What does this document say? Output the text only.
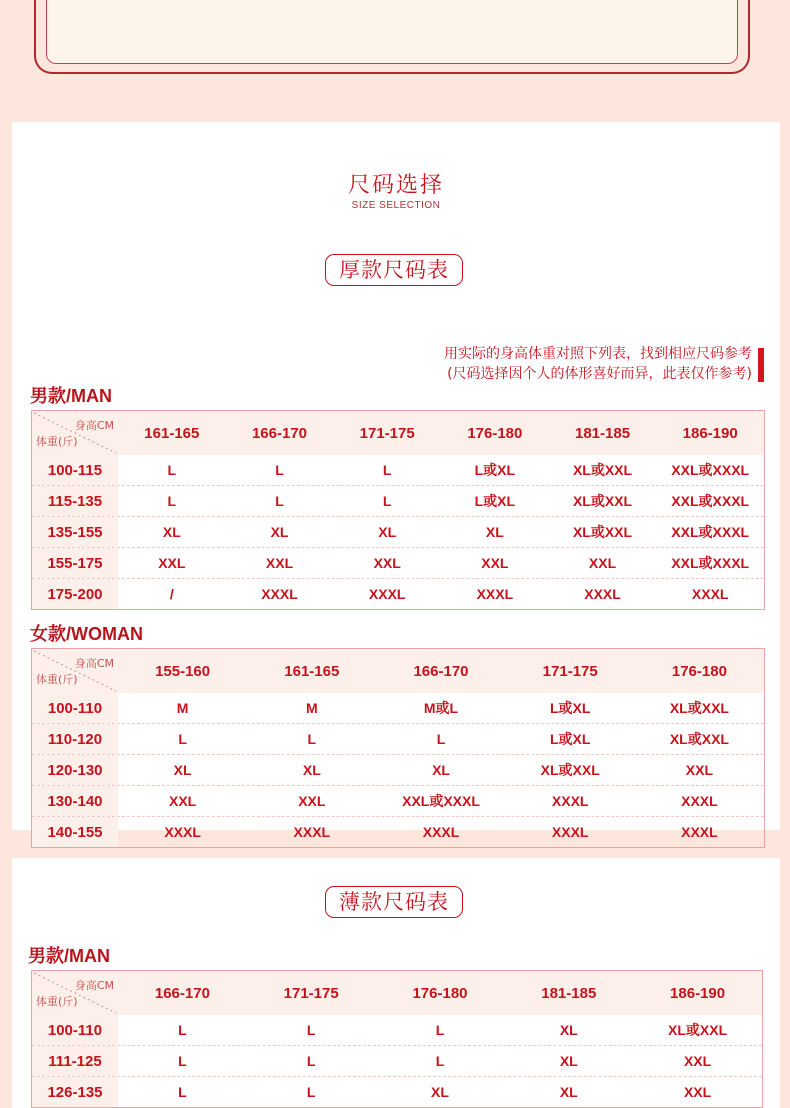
尺码选择
SIZE SELECTION
厚款尺码表
用实际的身高体重对照下列表，找到相应尺码参考
(尺码选择因个人的体形喜好而异，此表仅作参考)
男款/MAN
身高CM
体重(斤)	161-165	166-170	171-175	176-180	181-185	186-190
100-115	L	L	L	L或XL	XL或XXL	XXL或XXXL
115-135	L	L	L	L或XL	XL或XXL	XXL或XXXL
135-155	XL	XL	XL	XL	XL或XXL	XXL或XXXL
155-175	XXL	XXL	XXL	XXL	XXL	XXL或XXXL
175-200	/	XXXL	XXXL	XXXL	XXXL	XXXL
女款/WOMAN
身高CM
体重(斤)	155-160	161-165	166-170	171-175	176-180
100-110	M	M	M或L	L或XL	XL或XXL
110-120	L	L	L	L或XL	XL或XXL
120-130	XL	XL	XL	XL或XXL	XXL
130-140	XXL	XXL	XXL或XXXL	XXXL	XXXL
140-155	XXXL	XXXL	XXXL	XXXL	XXXL
薄款尺码表
男款/MAN
身高CM
体重(斤)	166-170	171-175	176-180	181-185	186-190
100-110	L	L	L	XL	XL或XXL
111-125	L	L	L	XL	XXL
126-135	L	L	XL	XL	XXL
